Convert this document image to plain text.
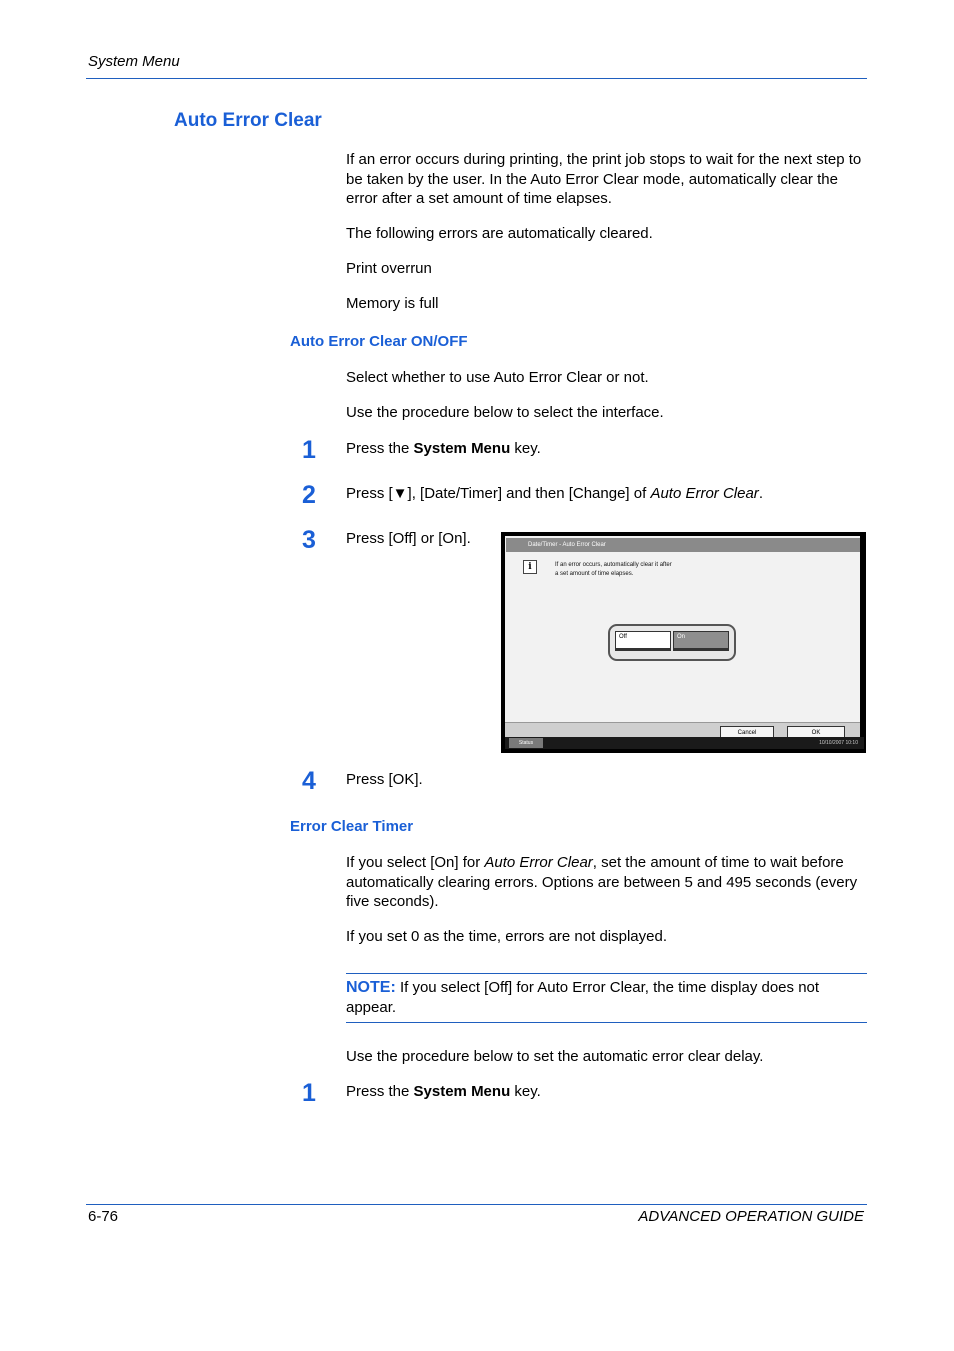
System Menu
Auto Error Clear
If an error occurs during printing, the print job stops to wait for the next step to be taken by the user. In the Auto Error Clear mode, automatically clear the error after a set amount of time elapses.
The following errors are automatically cleared.
Print overrun
Memory is full
Auto Error Clear ON/OFF
Select whether to use Auto Error Clear or not.
Use the procedure below to select the interface.
1 Press the System Menu key.
2 Press [▼], [Date/Timer] and then [Change] of Auto Error Clear.
3 Press [Off] or [On].	Date/Timer - Auto Error Clear
i	If an error occurs, automatically clear it after
a set amount of time elapses.
Off	On
Cancel	OK
Status	10/10/2007 10:10
4 Press [OK].
Error Clear Timer
If you select [On] for Auto Error Clear, set the amount of time to wait before automatically clearing errors. Options are between 5 and 495 seconds (every five seconds).
If you set 0 as the time, errors are not displayed.
NOTE: If you select [Off] for Auto Error Clear, the time display does not appear.
Use the procedure below to set the automatic error clear delay.
1 Press the System Menu key.
6-76	ADVANCED OPERATION GUIDE
